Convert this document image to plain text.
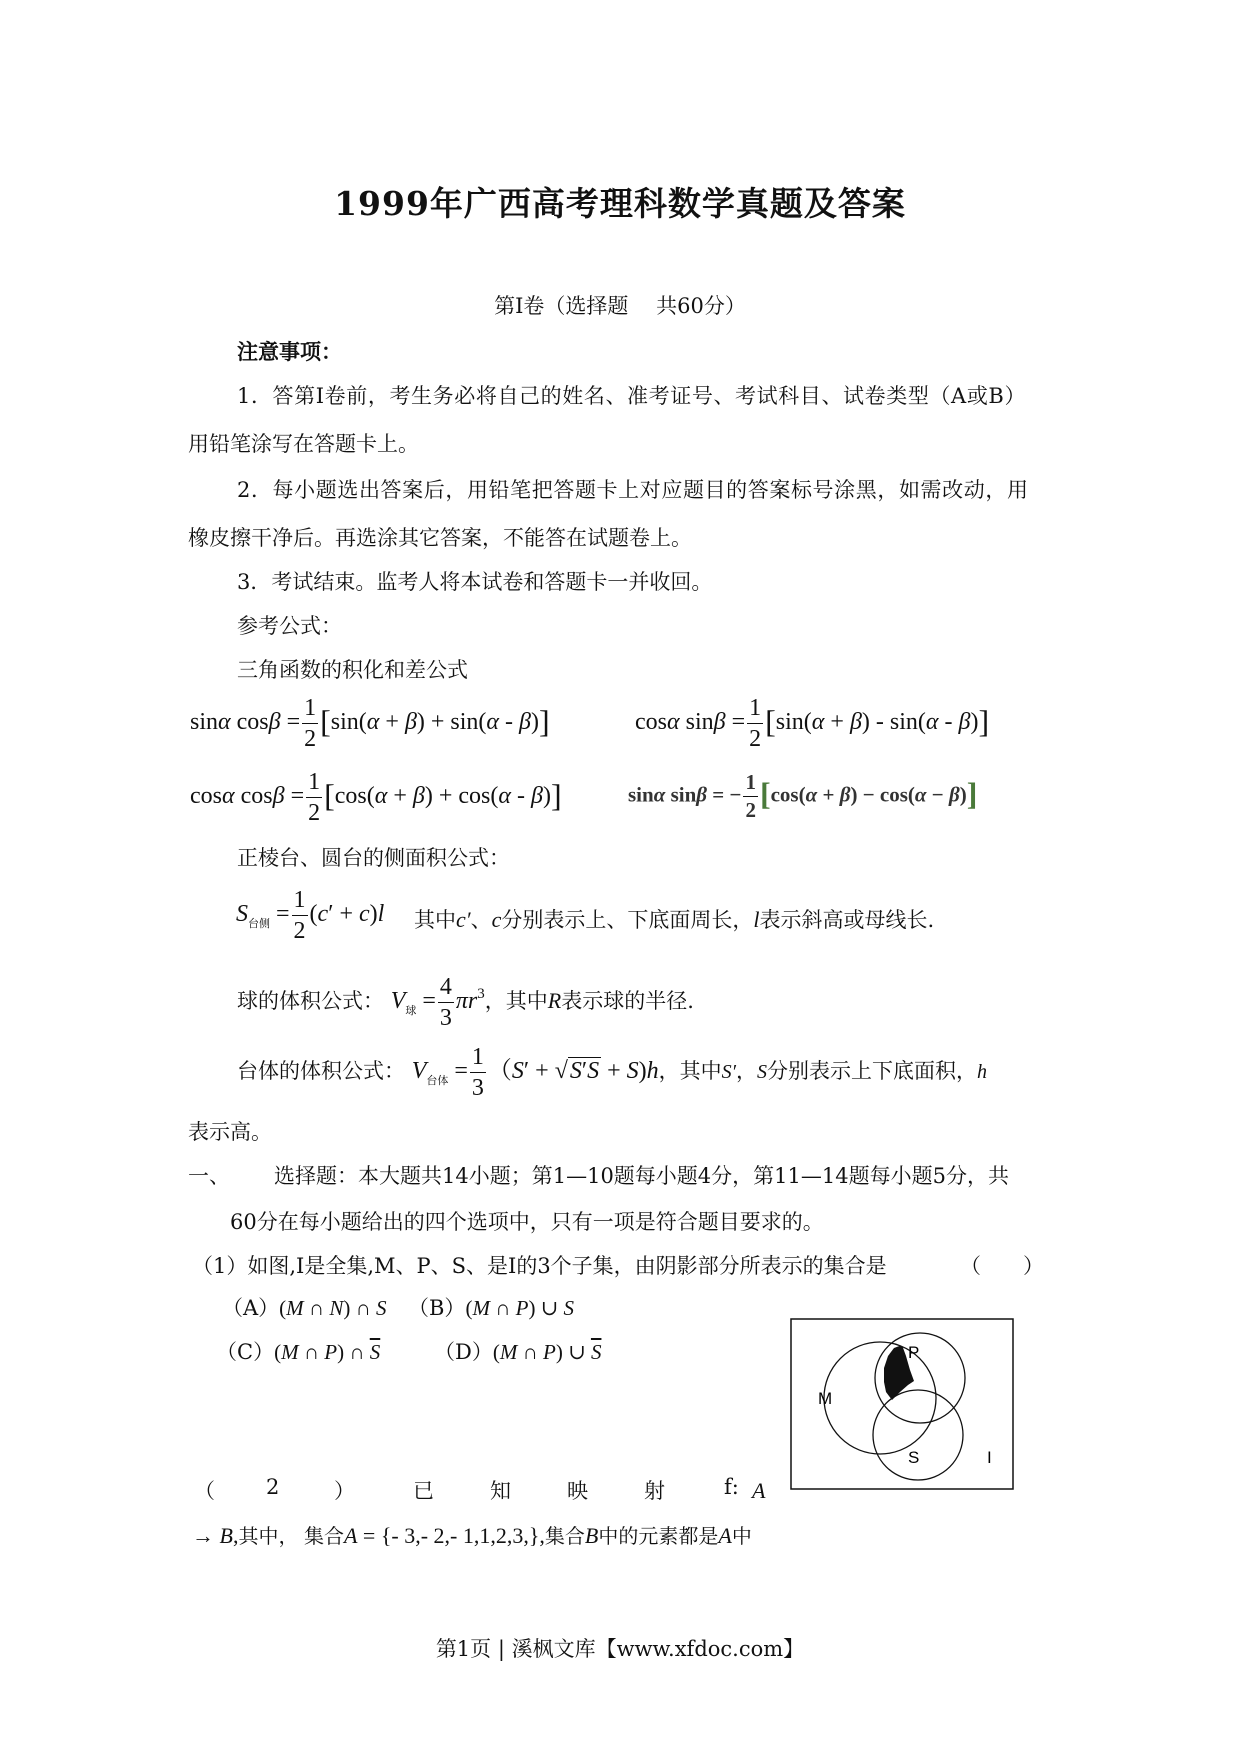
1999年广西高考理科数学真题及答案
第Ⅰ卷（选择题　 共60分）
注意事项：
1．答第Ⅰ卷前，考生务必将自己的姓名、准考证号、考试科目、试卷类型（A或B）
用铅笔涂写在答题卡上。
2．每小题选出答案后，用铅笔把答题卡上对应题目的答案标号涂黑，如需改动，用
橡皮擦干净后。再选涂其它答案，不能答在试题卷上。
3．考试结束。监考人将本试卷和答题卡一并收回。
参考公式：
三角函数的积化和差公式
sinα $\cos\beta = \frac{1}{2} [\sin(\alpha + \beta) + \sin(\alpha - \beta)]$	cosα $\sin\beta = \frac{1}{2} [\sin(\alpha + \beta) - \sin(\alpha - \beta)]$
cosα $\cos\beta = \frac{1}{2} [\cos(\alpha + \beta) + \cos(\alpha - \beta)]$	sinα sinβ = − $\frac{1}{2} [\cos(\alpha + \beta) - \cos(\alpha - \beta)]$
正棱台、圆台的侧面积公式：
$S_{台侧} = \frac{1}{2} (c' + c)l$ 其中c′、c分别表示上、下底面周长，l表示斜高或母线长.
球的体积公式： $V_球 = \frac{4}{3} \pi r^3$，其中R表示球的半径.
台体的体积公式： $V_{台体} = \frac{1}{3} (S' + √S'S + S)h$，其中S′，S分别表示上下底面积，h
表示高。
一、 选择题：本大题共14小题；第1—10题每小题4分，第11—14题每小题5分，共
60分在每小题给出的四个选项中，只有一项是符合题目要求的。
（1）如图,I是全集,M、P、S、是I的3个子集，由阴影部分所表示的集合是	（　　）
（A）(M ∩ N) ∩ S （B）(M ∩ P) ∪ S
（C）(M ∩ P) ∩ $\overline{S}$	（D）(M ∩ P) ∪ $\overline{S}$
M
P
S	I
（ 2	）	已	知	映	射	f: A
→ B,其中， 集合A = {- 3,- 2,- 1,1,2,3,},集合B中的元素都是A中
第1页 | 溪枫文库【www.xfdoc.com】
